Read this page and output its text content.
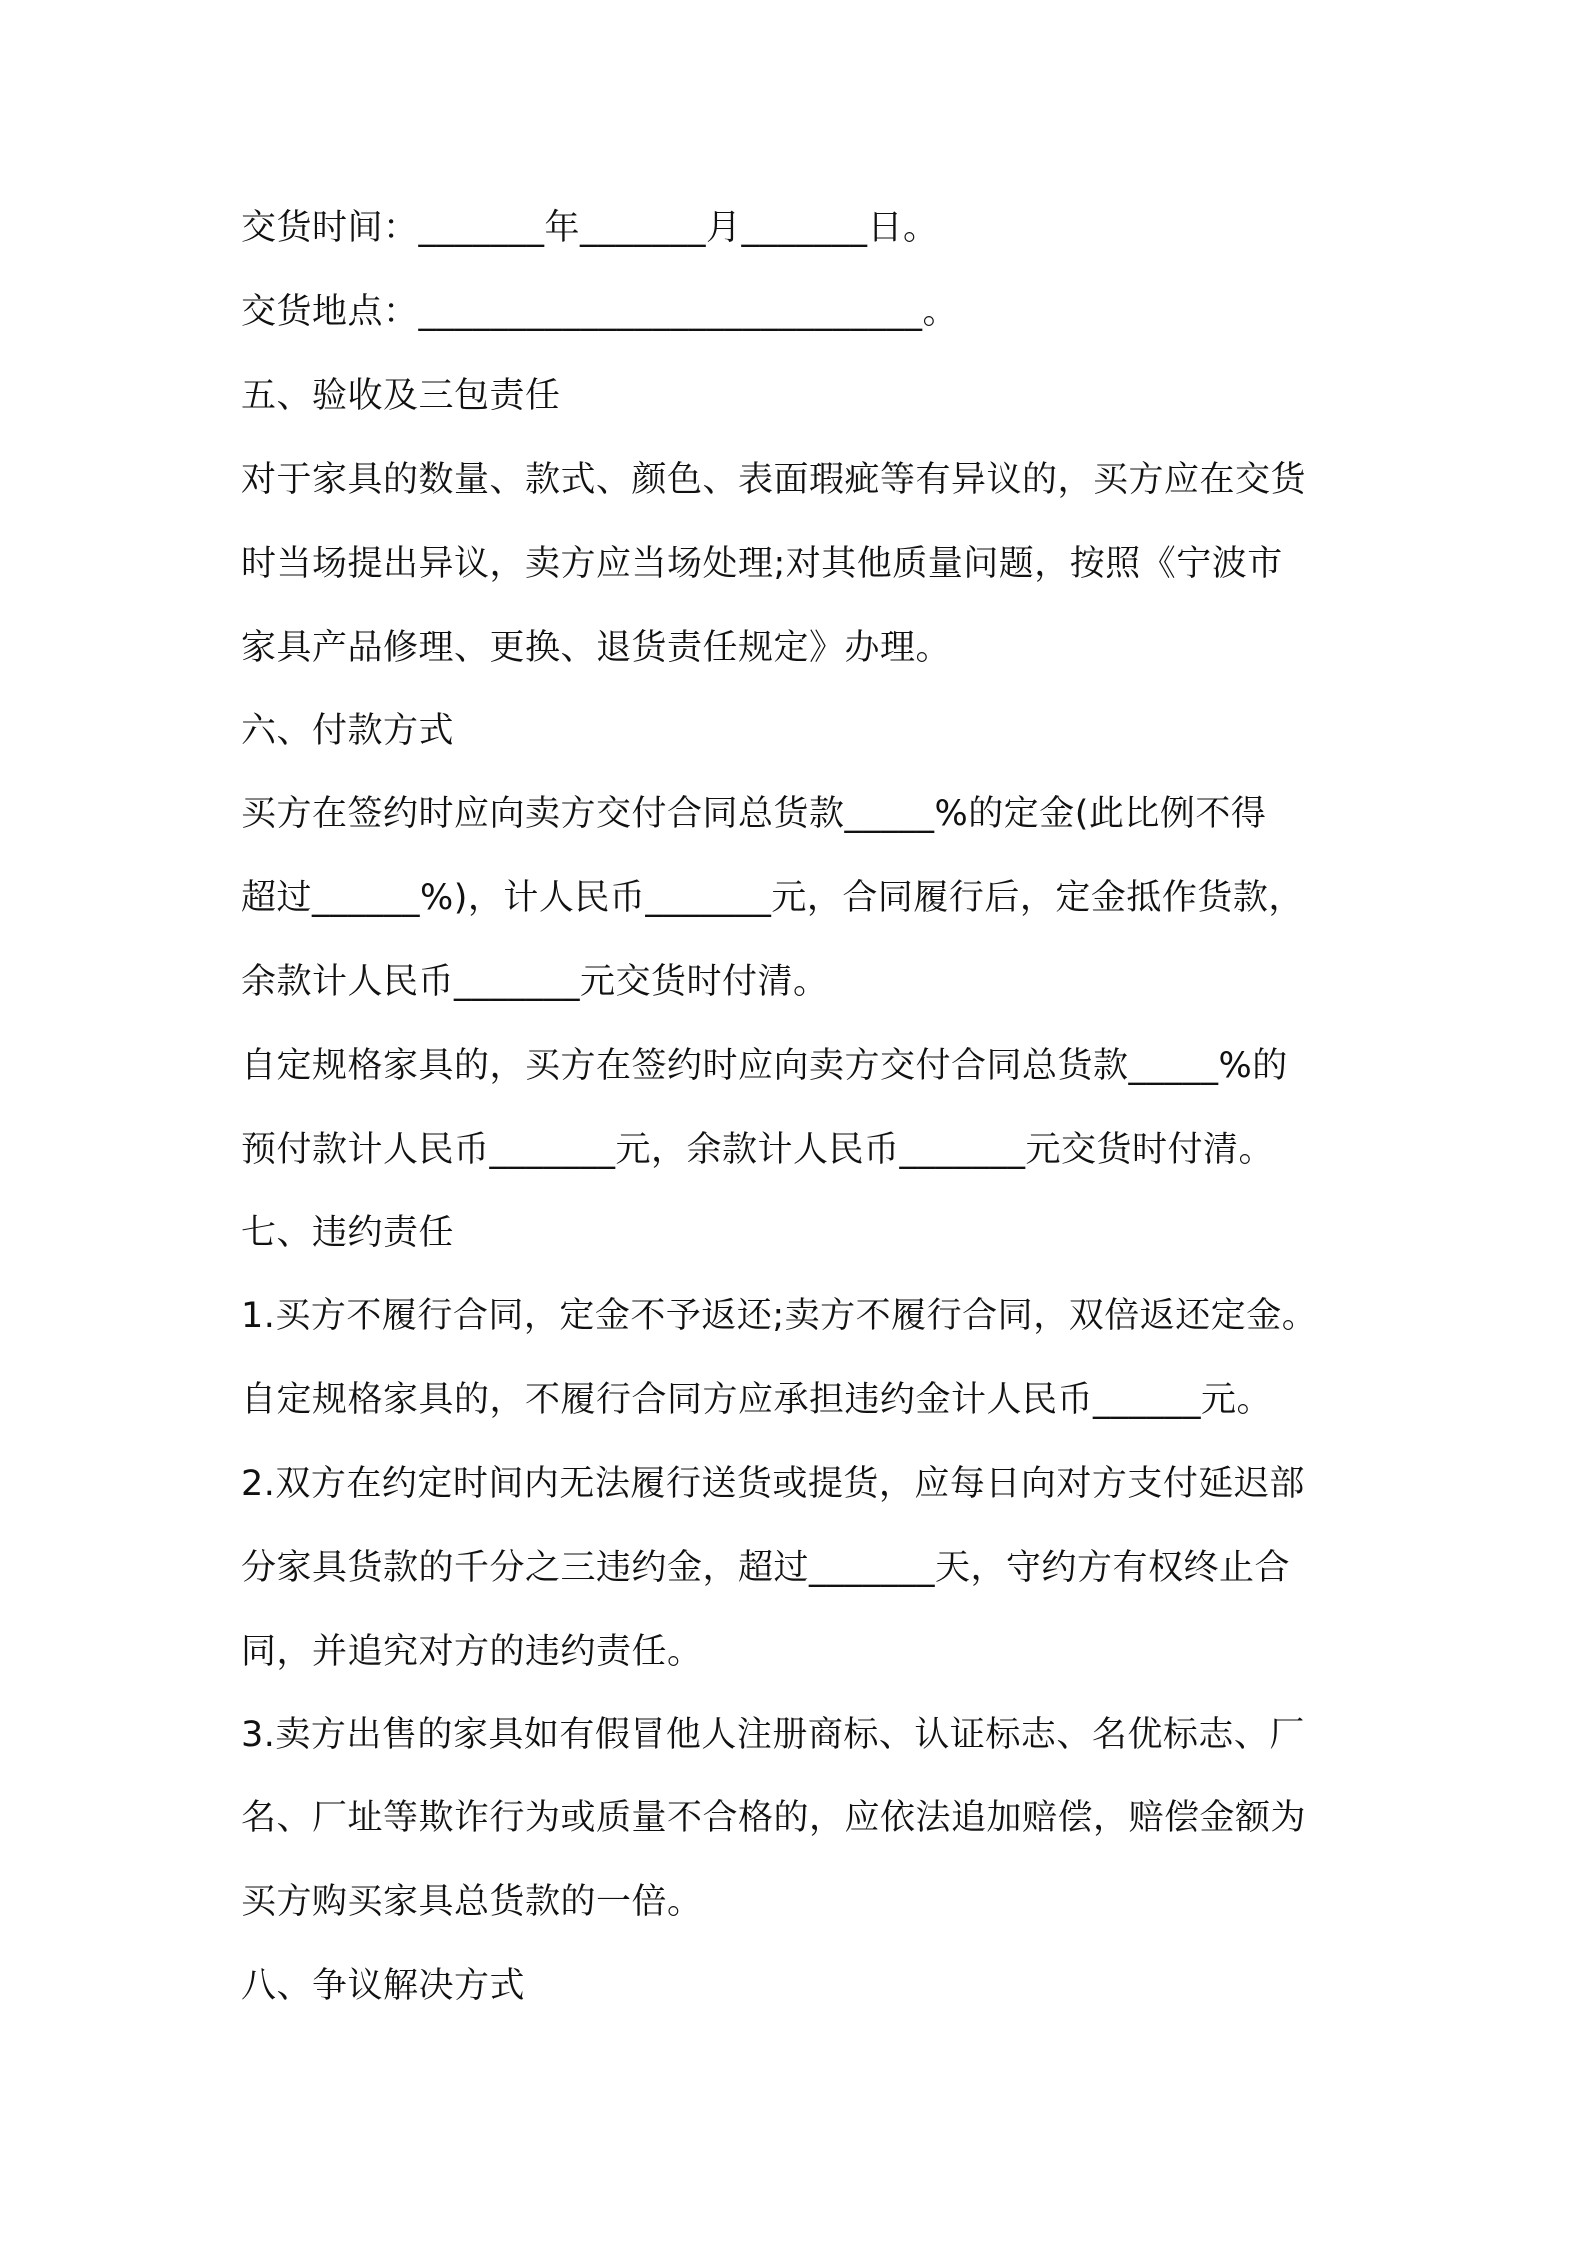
交货时间：_______年_______月_______日。
交货地点：____________________________。
五、验收及三包责任
对于家具的数量、款式、颜色、表面瑕疵等有异议的，买方应在交货
时当场提出异议，卖方应当场处理;对其他质量问题，按照《宁波市
家具产品修理、更换、退货责任规定》办理。
六、付款方式
买方在签约时应向卖方交付合同总货款_____%的定金(此比例不得
超过______%)，计人民币_______元，合同履行后，定金抵作货款，
余款计人民币_______元交货时付清。
自定规格家具的，买方在签约时应向卖方交付合同总货款_____%的
预付款计人民币_______元，余款计人民币_______元交货时付清。
七、违约责任
1.买方不履行合同，定金不予返还;卖方不履行合同，双倍返还定金。
自定规格家具的，不履行合同方应承担违约金计人民币______元。
2.双方在约定时间内无法履行送货或提货，应每日向对方支付延迟部
分家具货款的千分之三违约金，超过_______天，守约方有权终止合
同，并追究对方的违约责任。
3.卖方出售的家具如有假冒他人注册商标、认证标志、名优标志、厂
名、厂址等欺诈行为或质量不合格的，应依法追加赔偿，赔偿金额为
买方购买家具总货款的一倍。
八、争议解决方式
